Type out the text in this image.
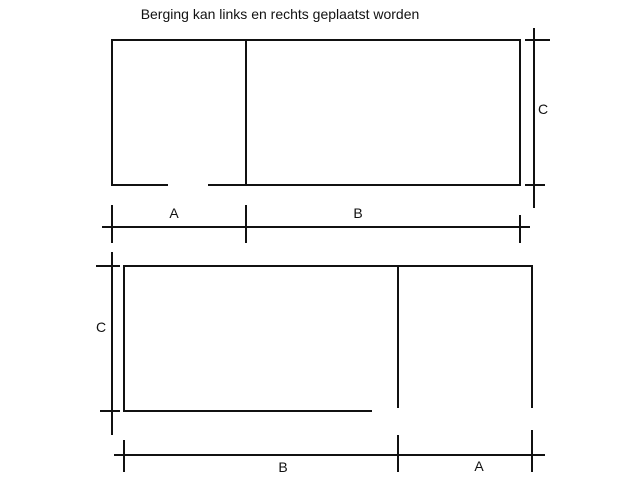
Berging kan links en rechts geplaatst worden
A	B
C
B	A
C
